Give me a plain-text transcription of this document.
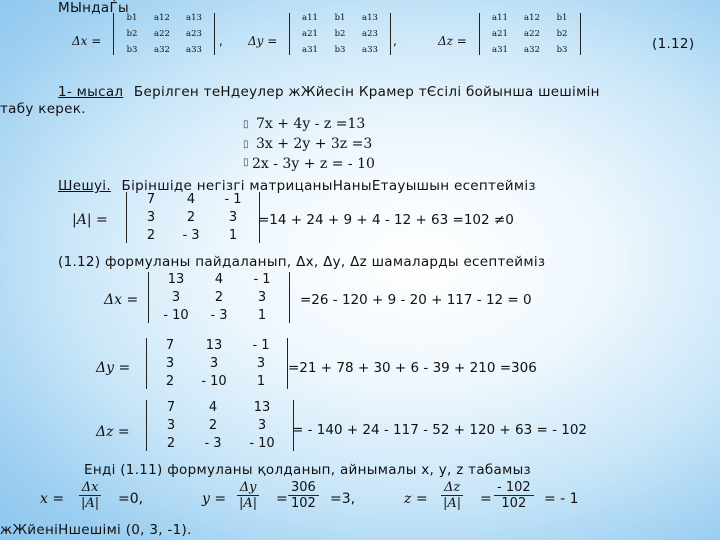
МЫндаЃы
Δx =
b1	a12	a13
b2	a22	a23
b3	a32	a33
, Δy =
a11	b1	a13
a21	b2	a23
a31	b3	a33
,	Δz =
a11	a12	b1
a21	a22	b2
a31	a32	b3	(1.12)
1- мысал Берілген теНдеулер жЖйесін Крамер тЄсілі бойынша шешімін
табу керек.
▯
▯
▯
7x + 4y - z =13
3x + 2y + 3z =3
2x - 3y + z = - 10
Шешуі. Біріншіде негізгі матрицаныНаныЕтауышын есептейміз
|A| =
7	4	- 1
3	2	3
2	- 3	1
=14 + 24 + 9 + 4 - 12 + 63 =102 ≠0
(1.12) формуланы пайдаланып, Δx, Δy, Δz шамаларды есептейміз
Δx =
13	4	- 1
3	2	3
- 10	- 3	1
=26 - 120 + 9 - 20 + 117 - 12 = 0
Δy =
7	13	- 1
3	3	3
2	- 10	1
=21 + 78 + 30 + 6 - 39 + 210 =306
Δz =
7	4	13
3	2	3
2	- 3	- 10
= - 140 + 24 - 117 - 52 + 120 + 63 = - 102
Енді (1.11) формуланы қолданып, айнымалы x, y, z табамыз
$x = \frac{\Delta x}{|A|} =0$,	$y = \frac{\Delta y}{|A|} = \frac{306}{102} =3$,	$z = \frac{\Delta z}{|A|} = \frac{- 102}{102}$ = - 1
жЖйеніНшешімі (0, 3, -1).
